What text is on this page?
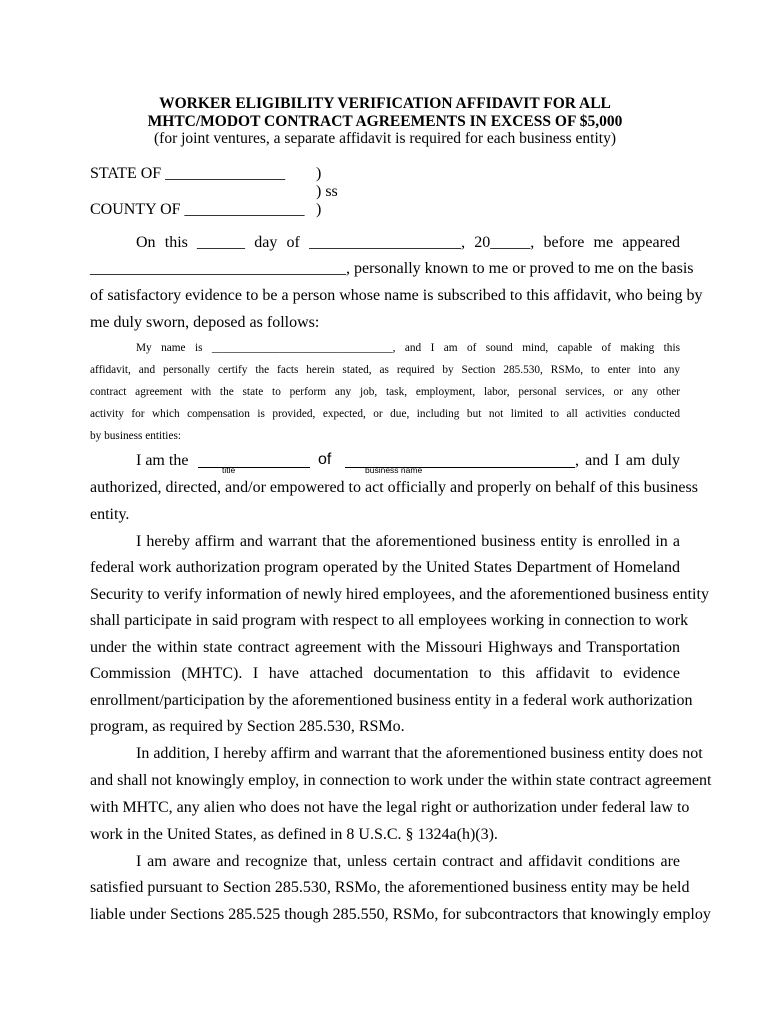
WORKER ELIGIBILITY VERIFICATION AFFIDAVIT FOR ALL
MHTC/MODOT CONTRACT AGREEMENTS IN EXCESS OF $5,000
(for joint ventures, a separate affidavit is required for each business entity)
STATE OF _______________ )
) ss
COUNTY OF _______________ )
On this ______ day of ___________________, 20_____, before me appeared
________________________________, personally known to me or proved to me on the basis
of satisfactory evidence to be a person whose name is subscribed to this affidavit, who being by
me duly sworn, deposed as follows:
My name is ________________________________, and I am of sound mind, capable of making this
affidavit, and personally certify the facts herein stated, as required by Section 285.530, RSMo, to enter into any
contract agreement with the state to perform any job, task, employment, labor, personal services, or any other
activity for which compensation is provided, expected, or due, including but not limited to all activities conducted
by business entities:
I am the
title
of
business name
, and I am duly
authorized, directed, and/or empowered to act officially and properly on behalf of this business
entity.
I hereby affirm and warrant that the aforementioned business entity is enrolled in a
federal work authorization program operated by the United States Department of Homeland
Security to verify information of newly hired employees, and the aforementioned business entity
shall participate in said program with respect to all employees working in connection to work
under the within state contract agreement with the Missouri Highways and Transportation
Commission (MHTC). I have attached documentation to this affidavit to evidence
enrollment/participation by the aforementioned business entity in a federal work authorization
program, as required by Section 285.530, RSMo.
In addition, I hereby affirm and warrant that the aforementioned business entity does not
and shall not knowingly employ, in connection to work under the within state contract agreement
with MHTC, any alien who does not have the legal right or authorization under federal law to
work in the United States, as defined in 8 U.S.C. § 1324a(h)(3).
I am aware and recognize that, unless certain contract and affidavit conditions are
satisfied pursuant to Section 285.530, RSMo, the aforementioned business entity may be held
liable under Sections 285.525 though 285.550, RSMo, for subcontractors that knowingly employ
